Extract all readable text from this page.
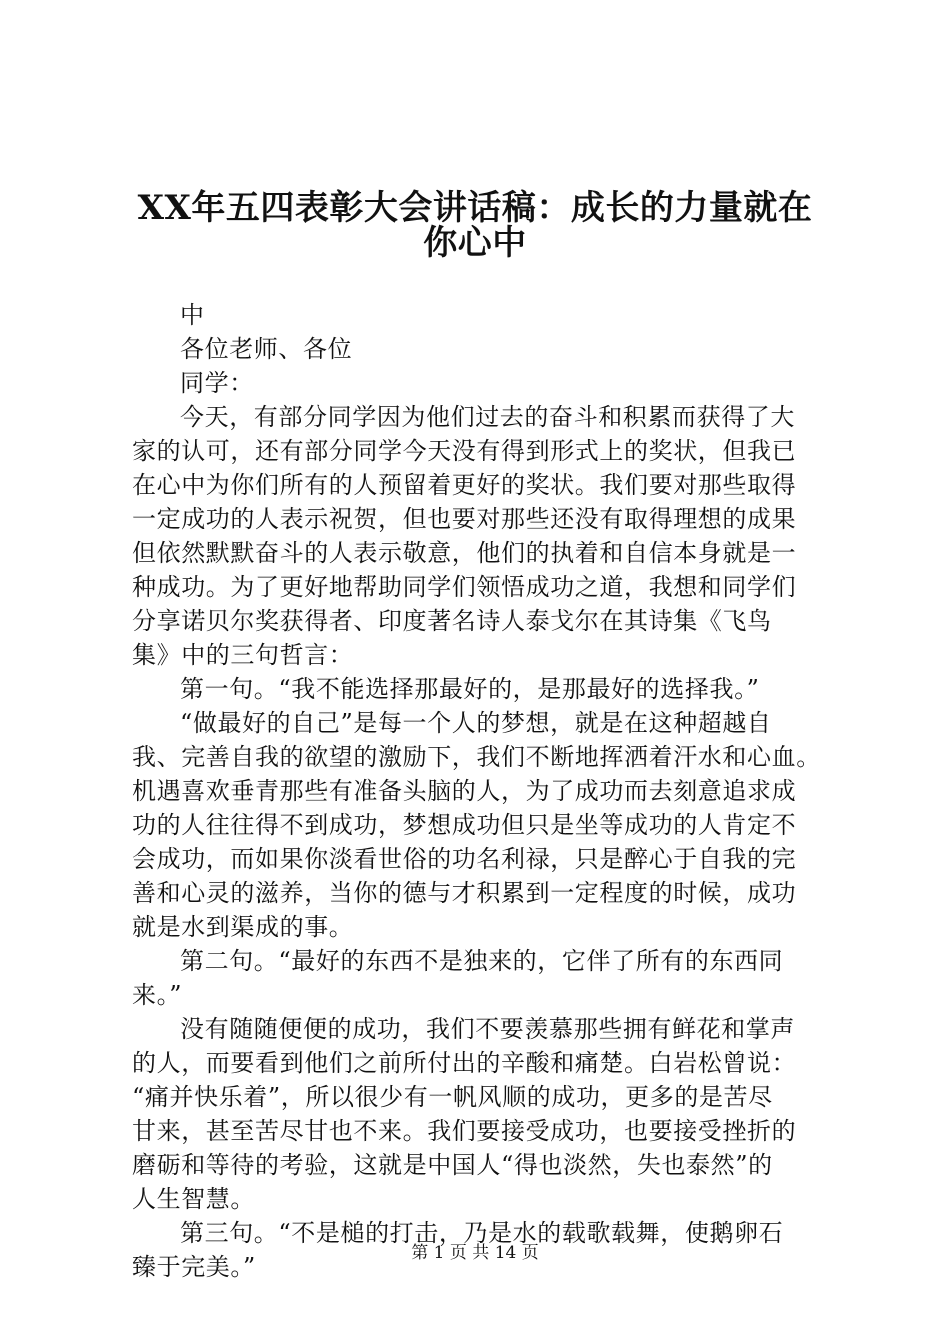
XX年五四表彰大会讲话稿：成长的力量就在
你心中
中
各位老师、各位
同学：
今天，有部分同学因为他们过去的奋斗和积累而获得了大
家的认可，还有部分同学今天没有得到形式上的奖状，但我已
在心中为你们所有的人预留着更好的奖状。我们要对那些取得
一定成功的人表示祝贺，但也要对那些还没有取得理想的成果
但依然默默奋斗的人表示敬意，他们的执着和自信本身就是一
种成功。为了更好地帮助同学们领悟成功之道，我想和同学们
分享诺贝尔奖获得者、印度著名诗人泰戈尔在其诗集《飞鸟
集》中的三句哲言：
第一句。“我不能选择那最好的，是那最好的选择我。”
“做最好的自己”是每一个人的梦想，就是在这种超越自
我、完善自我的欲望的激励下，我们不断地挥洒着汗水和心血。
机遇喜欢垂青那些有准备头脑的人，为了成功而去刻意追求成
功的人往往得不到成功，梦想成功但只是坐等成功的人肯定不
会成功，而如果你淡看世俗的功名利禄，只是醉心于自我的完
善和心灵的滋养，当你的德与才积累到一定程度的时候，成功
就是水到渠成的事。
第二句。“最好的东西不是独来的，它伴了所有的东西同
来。”
没有随随便便的成功，我们不要羡慕那些拥有鲜花和掌声
的人，而要看到他们之前所付出的辛酸和痛楚。白岩松曾说：
“痛并快乐着”，所以很少有一帆风顺的成功，更多的是苦尽
甘来，甚至苦尽甘也不来。我们要接受成功，也要接受挫折的
磨砺和等待的考验，这就是中国人“得也淡然，失也泰然”的
人生智慧。
第三句。“不是槌的打击，乃是水的载歌载舞，使鹅卵石
臻于完美。”	第 1 页 共 14 页
